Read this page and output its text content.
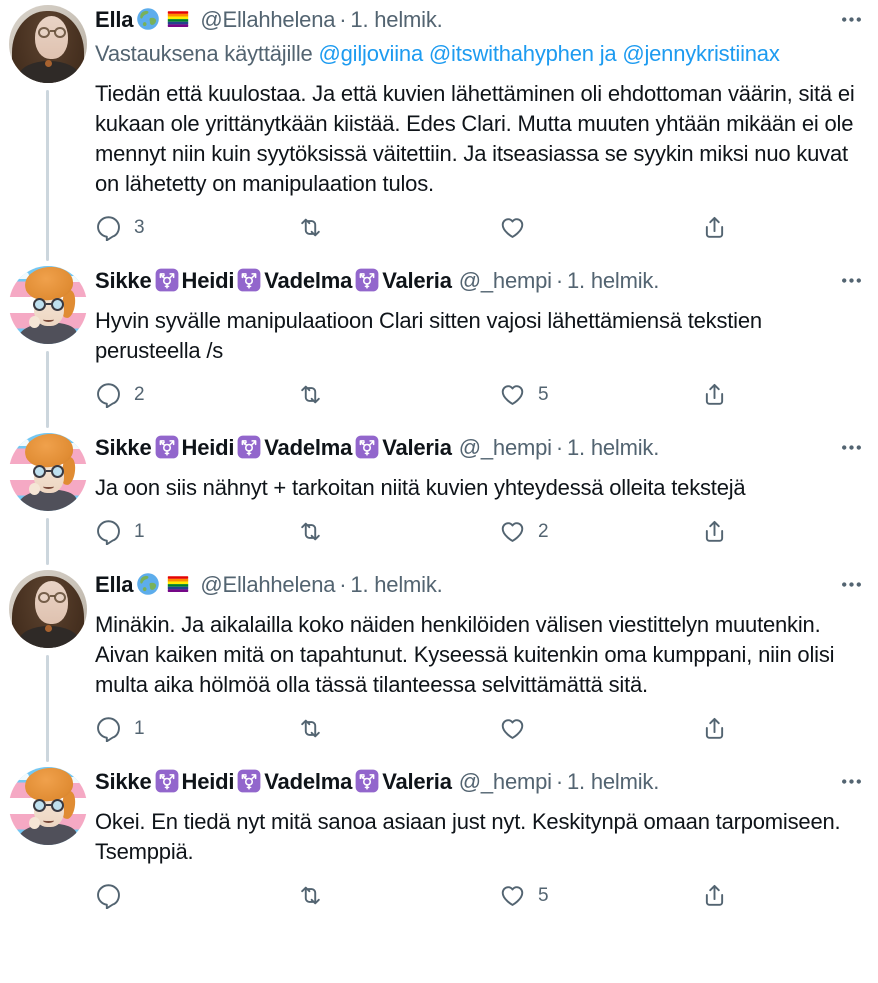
Ella	@Ellahhelena · 1. helmik.
Vastauksena käyttäjille @giljoviina @itswithahyphen ja @jennykristiinax

Tiedän että kuulostaa. Ja että kuvien lähettäminen oli ehdottoman väärin, sitä ei kukaan ole yrittänytkään kiistää. Edes Clari. Mutta muuten yhtään mikään ei ole mennyt niin kuin syytöksissä väitettiin. Ja itseasiassa se syykin miksi nuo kuvat on lähetetty on manipulaation tulos.

3
Sikke Heidi Vadelma Valeria @_hempi · 1. helmik.

Hyvin syvälle manipulaatioon Clari sitten vajosi lähettämiensä tekstien perusteella /s

2	5
Sikke Heidi Vadelma Valeria @_hempi · 1. helmik.

Ja oon siis nähnyt + tarkoitan niitä kuvien yhteydessä olleita tekstejä

1	2
Ella	@Ellahhelena · 1. helmik.

Minäkin. Ja aikalailla koko näiden henkilöiden välisen viestittelyn muutenkin. Aivan kaiken mitä on tapahtunut. Kyseessä kuitenkin oma kumppani, niin olisi multa aika hölmöä olla tässä tilanteessa selvittämättä sitä.

1
Sikke Heidi Vadelma Valeria @_hempi · 1. helmik.

Okei. En tiedä nyt mitä sanoa asiaan just nyt. Keskitynpä omaan tarpomiseen. Tsemppiä.

5
